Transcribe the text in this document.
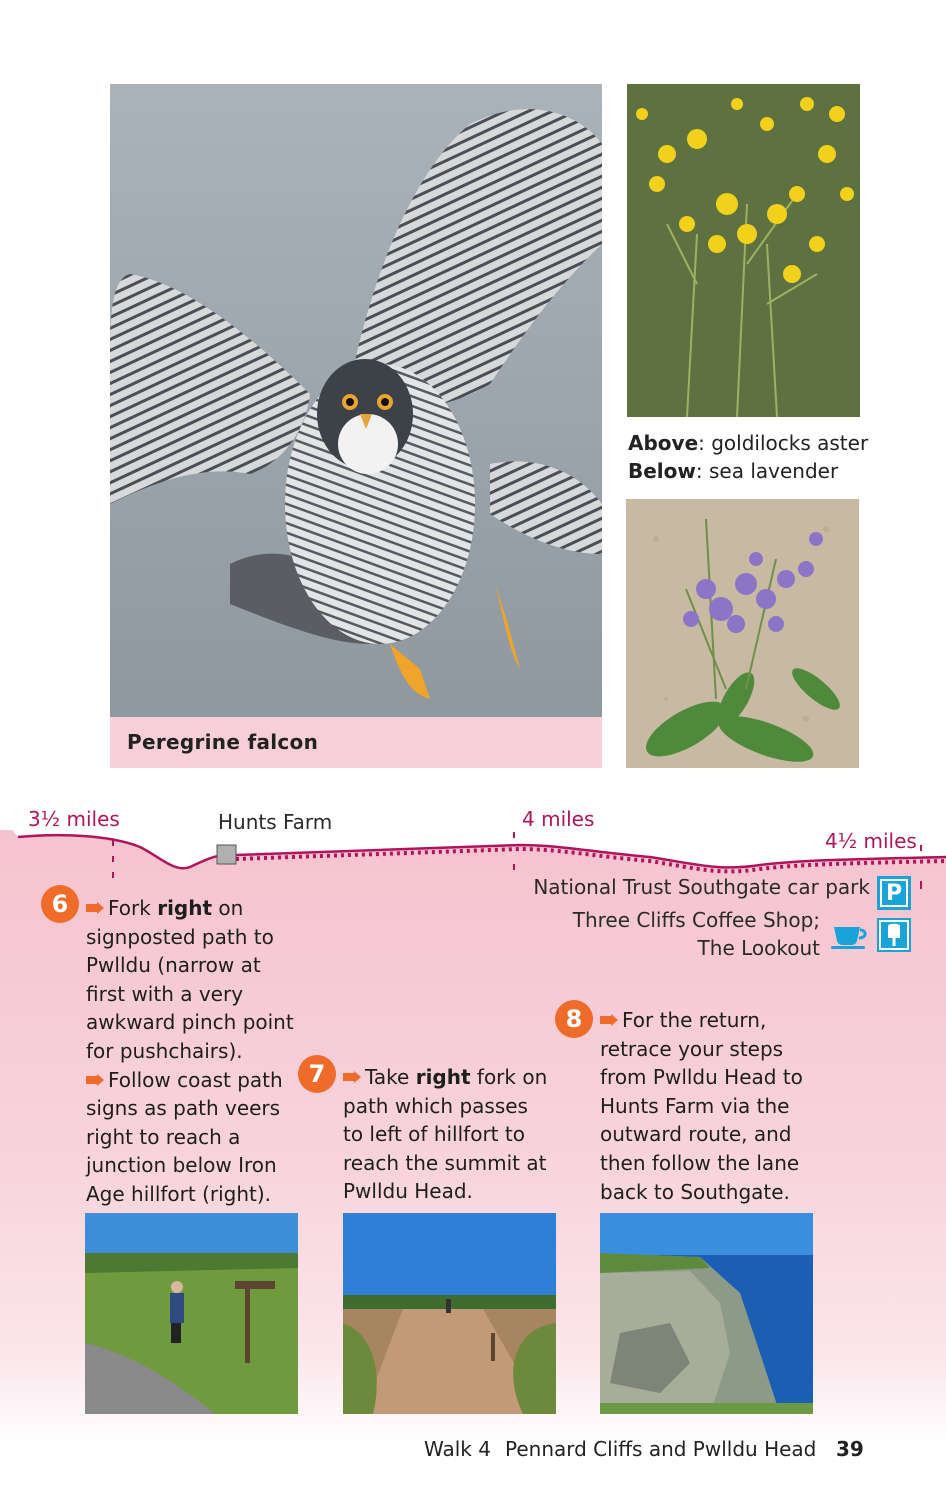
Peregrine falcon
Above: goldilocks aster
Below: sea lavender
3½ miles	Hunts Farm	4 miles
4½ miles
National Trust Southgate car park P
Three Cliffs Coffee Shop;
The Lookout
6	Fork right on
signposted path to
Pwlldu (narrow at
first with a very
awkward pinch point
for pushchairs).
Follow coast path
signs as path veers
right to reach a
junction below Iron
Age hillfort (right).
7	Take right fork on
path which passes
to left of hillfort to
reach the summit at
Pwlldu Head.
8	For the return,
retrace your steps
from Pwlldu Head to
Hunts Farm via the
outward route, and
then follow the lane
back to Southgate.
Walk 4 Pennard Cliffs and Pwlldu Head 39
